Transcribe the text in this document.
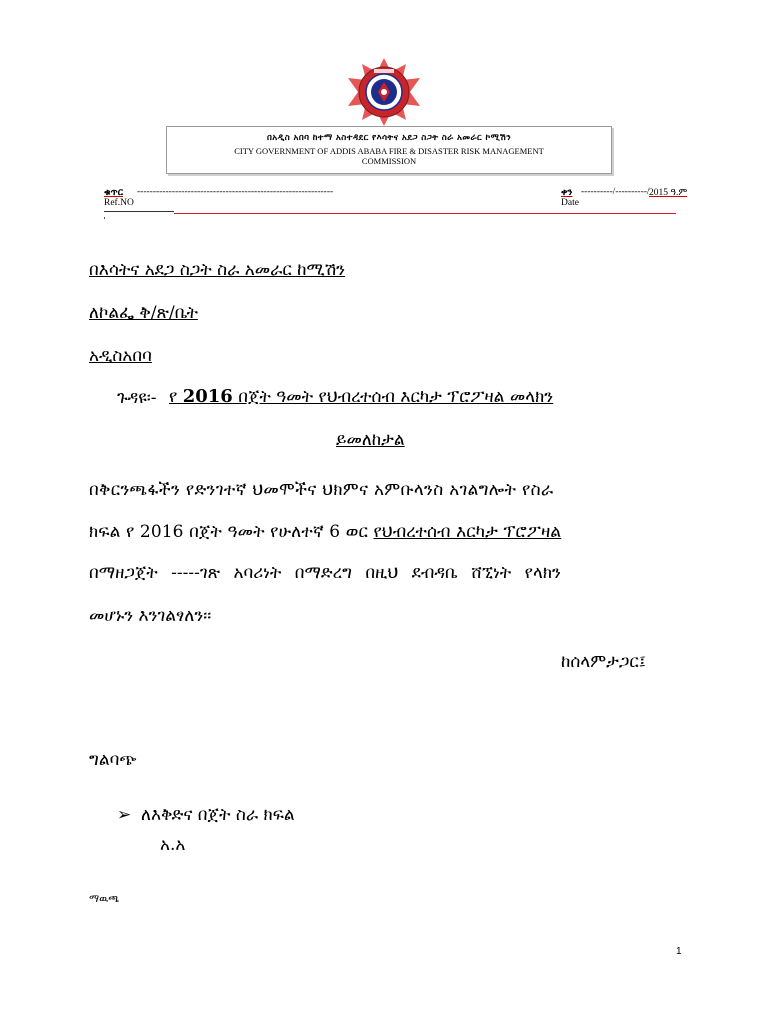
በአዲስ አበባ ከተማ አስተዳደር የእሳትና አደጋ ስጋት ስራ አመራር ኮሚሽን
CITY GOVERNMENT OF ADDIS ABABA FIRE & DISASTER RISK MANAGEMENT
COMMISSION
ቁጥር --------------------------------------------------------------
Ref.NO
ቀን ----------/----------/ 2015 ዓ.ም
Date
በእሳትና አደጋ ስጋት ስራ አመራር ከሚሽን
ለኮልፌ ቅ/ጽ/ቤት
አዲስአበባ
ጉዳዩ፡- የ 2016 በጀት ዓመት የህብረተሰብ እርካታ ፕሮፖዛል መላክን
ይመለከታል
በቅርንጫፋችን የድንገተኛ ህመሞችና ህክምና አምቡላንስ አገልግሎት የስራ
ክፍል የ 2016 በጀት ዓመት የሁለተኛ 6 ወር የህብረተሰብ እርካታ ፕሮፖዛል
በማዘጋጀት -----ገጽ አባሪነት በማድረግ በዚህ ደብዳቤ ሸኚነት የላክን
መሆኑን እንገልፃለን፡፡
ከሰላምታጋር፤
ግልባጭ
➢ ለእቅድና በጀት ስራ ክፍል
አ.አ
ማዉጫ
1
